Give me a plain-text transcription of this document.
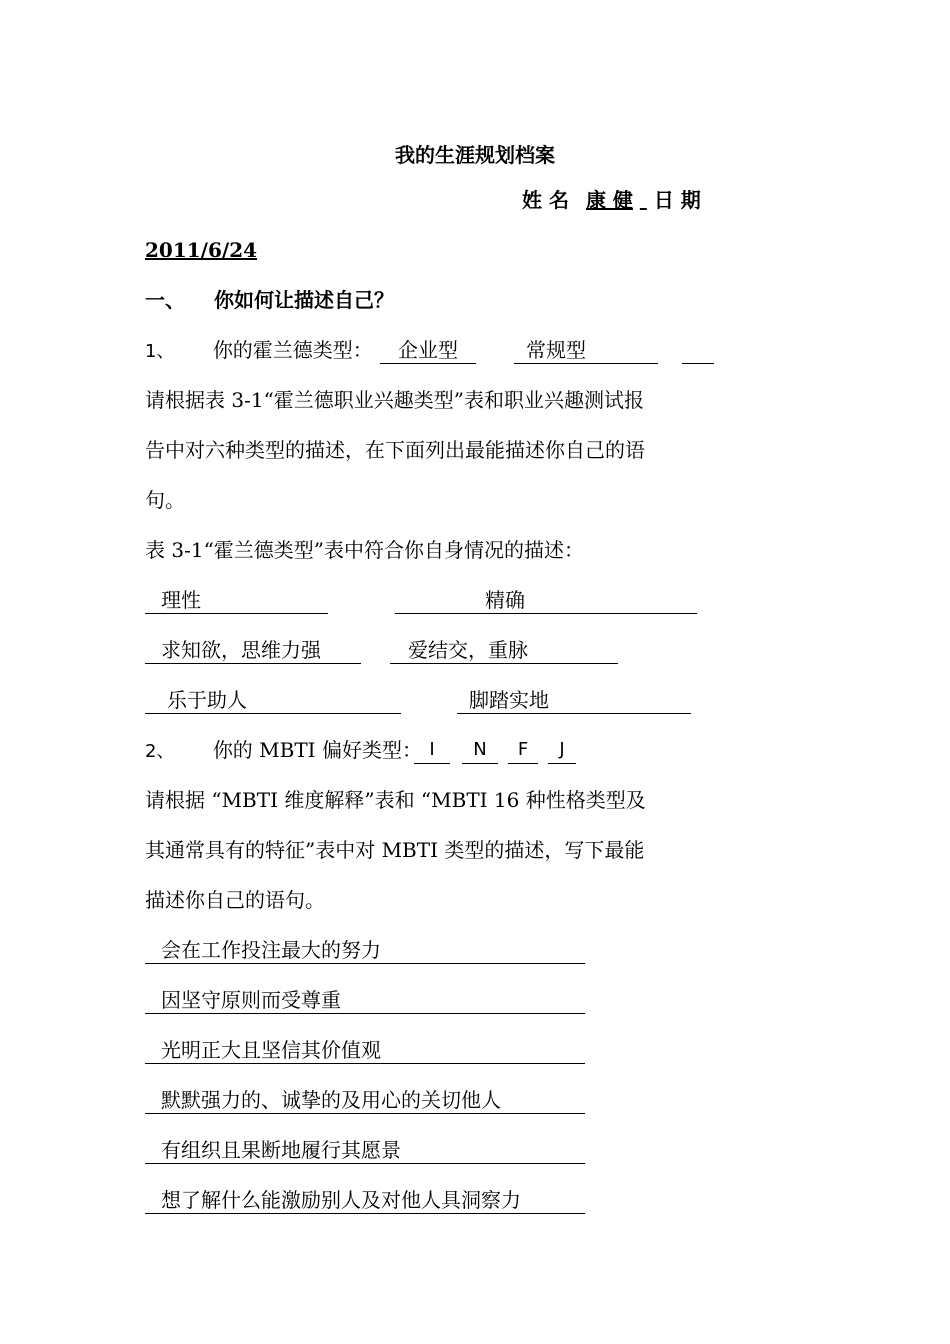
我的生涯规划档案
姓 名 康 健 日 期
2011/6/24
一、 你如何让描述自己？
1、 你的霍兰德类型：	企业型	常规型

请根据表 3-1“霍兰德职业兴趣类型”表和职业兴趣测试报
告中对六种类型的描述，在下面列出最能描述你自己的语
句。
表 3-1“霍兰德类型”表中符合你自身情况的描述：
理性	精确
求知欲，思维力强	爱结交，重脉
乐于助人	脚踏实地
2、 你的 MBTI 偏好类型： I	N	F	J
请根据 “MBTI 维度解释”表和 “MBTI 16 种性格类型及
其通常具有的特征”表中对 MBTI 类型的描述，写下最能
描述你自己的语句。
会在工作投注最大的努力
因坚守原则而受尊重
光明正大且坚信其价值观
默默强力的、诚挚的及用心的关切他人
有组织且果断地履行其愿景
想了解什么能激励别人及对他人具洞察力
